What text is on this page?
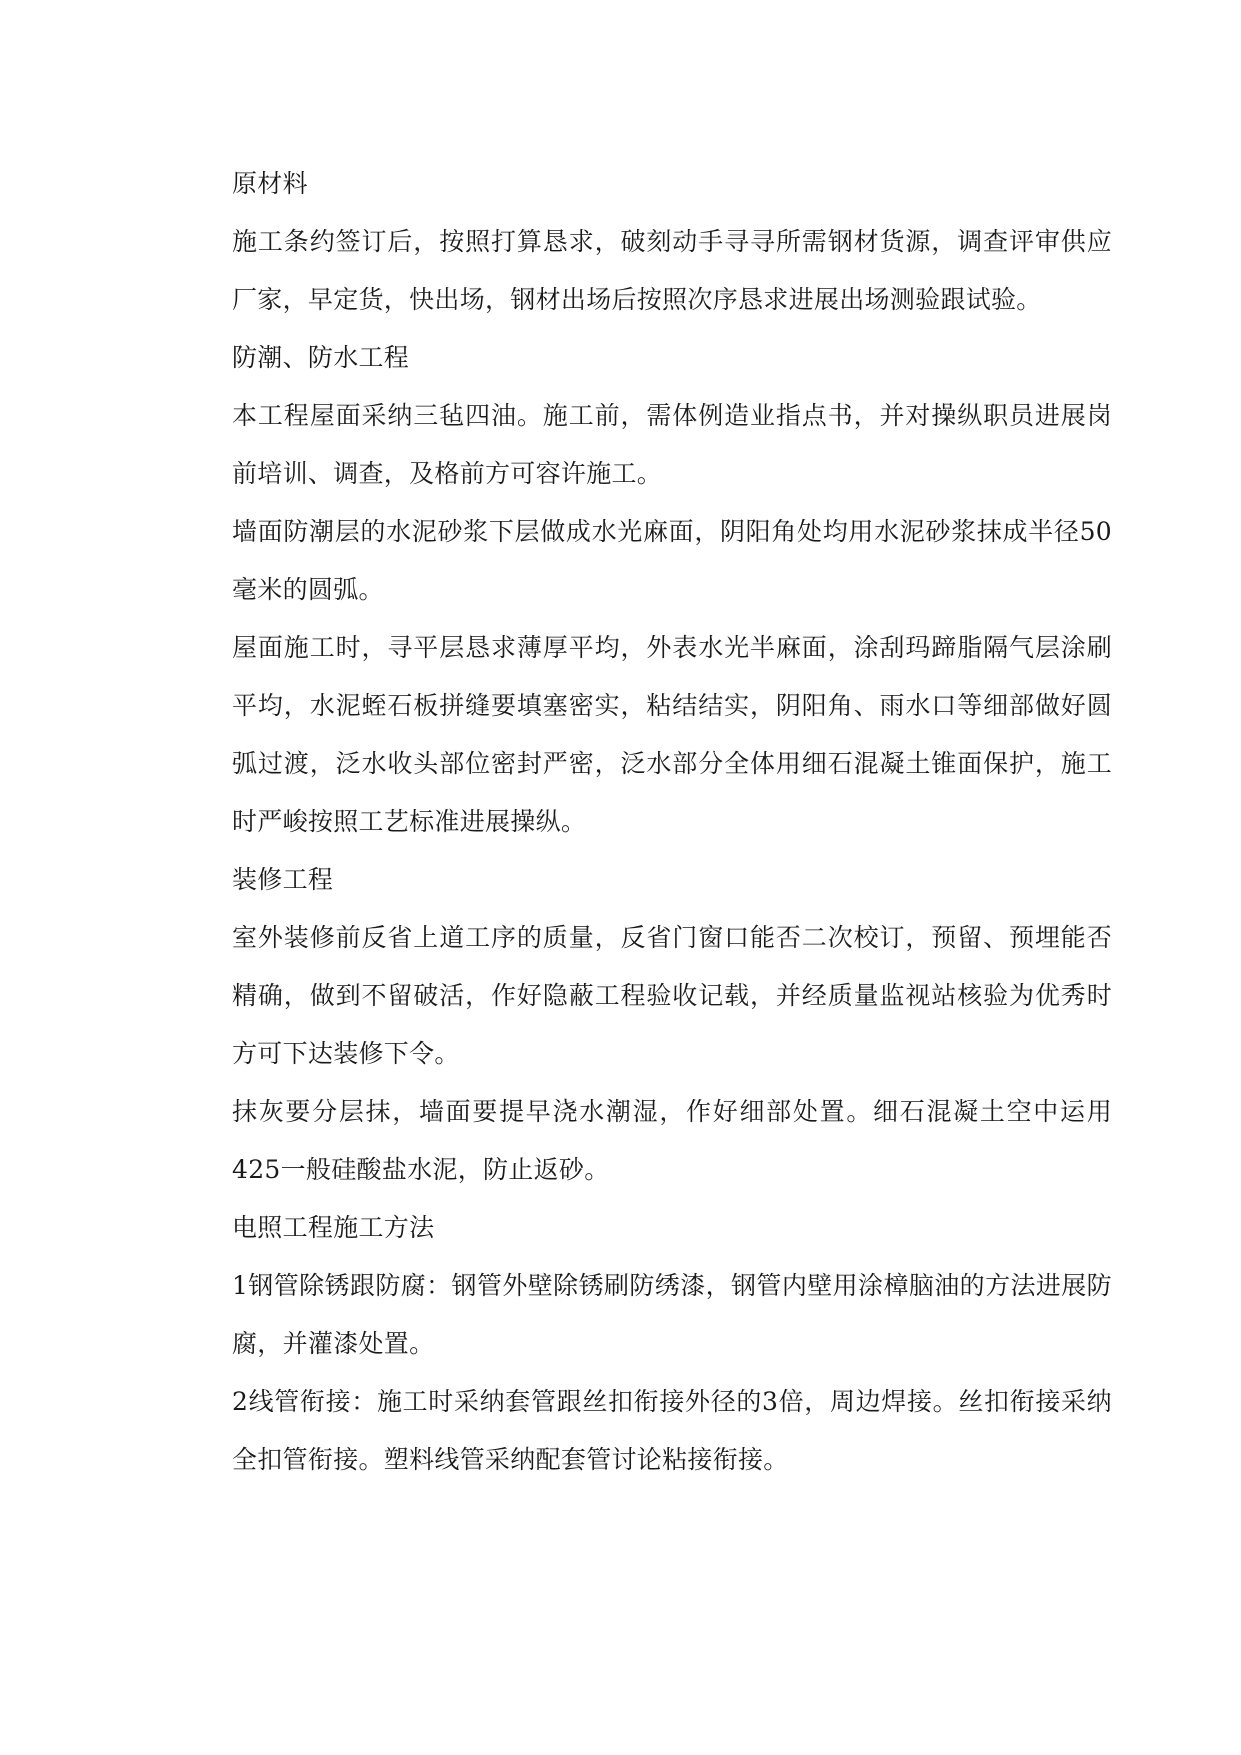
原材料

施工条约签订后，按照打算恳求，破刻动手寻寻所需钢材货源，调查评审供应厂家，早定货，快出场，钢材出场后按照次序恳求进展出场测验跟试验。

防潮、防水工程

本工程屋面采纳三毡四油。施工前，需体例造业指点书，并对操纵职员进展岗前培训、调查，及格前方可容许施工。

墙面防潮层的水泥砂浆下层做成水光麻面，阴阳角处均用水泥砂浆抹成半径50毫米的圆弧。

屋面施工时，寻平层恳求薄厚平均，外表水光半麻面，涂刮玛蹄脂隔气层涂刷平均，水泥蛭石板拼缝要填塞密实，粘结结实，阴阳角、雨水口等细部做好圆弧过渡，泛水收头部位密封严密，泛水部分全体用细石混凝土锥面保护，施工时严峻按照工艺标准进展操纵。

装修工程

室外装修前反省上道工序的质量，反省门窗口能否二次校订，预留、预埋能否精确，做到不留破活，作好隐蔽工程验收记载，并经质量监视站核验为优秀时方可下达装修下令。

抹灰要分层抹，墙面要提早浇水潮湿，作好细部处置。细石混凝土空中运用425一般硅酸盐水泥，防止返砂。

电照工程施工方法

1钢管除锈跟防腐：钢管外壁除锈刷防绣漆，钢管内壁用涂樟脑油的方法进展防腐，并灌漆处置。

2线管衔接：施工时采纳套管跟丝扣衔接外径的3倍，周边焊接。丝扣衔接采纳全扣管衔接。塑料线管采纳配套管讨论粘接衔接。
